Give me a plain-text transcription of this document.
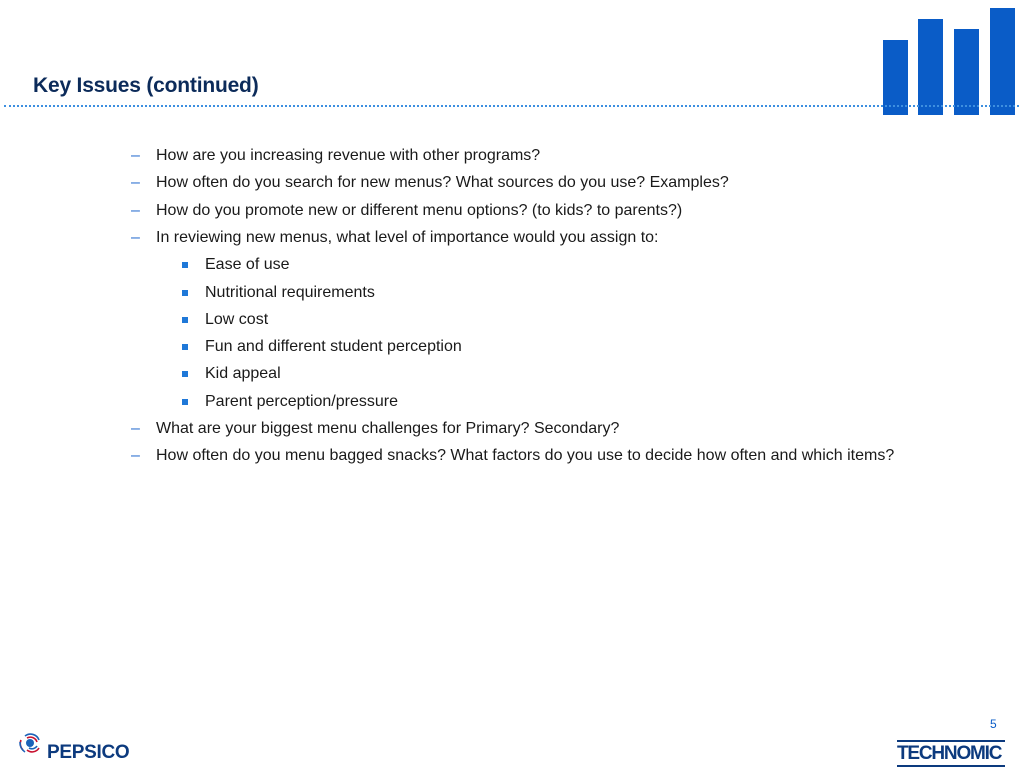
Key Issues (continued)
– How are you increasing revenue with other programs?
– How often do you search for new menus? What sources do you use? Examples?
– How do you promote new or different menu options? (to kids? to parents?)
– In reviewing new menus, what level of importance would you assign to:
Ease of use
Nutritional requirements
Low cost
Fun and different student perception
Kid appeal
Parent perception/pressure
– What are your biggest menu challenges for Primary? Secondary?
– How often do you menu bagged snacks? What factors do you use to decide how often and which items?
5
PEPSICO	TECHNOMIC
